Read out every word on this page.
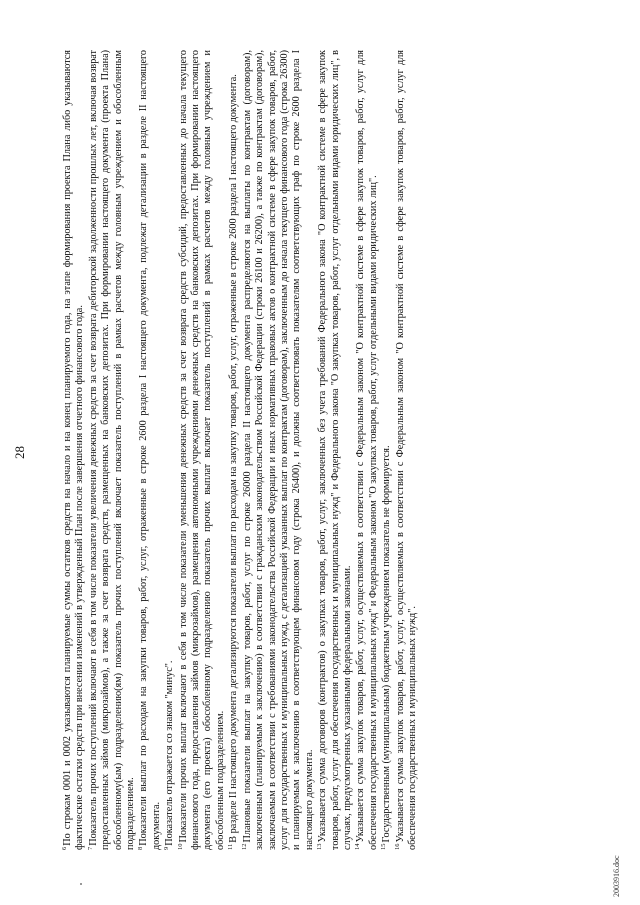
28

$^6$По строкам 0001 и 0002 указываются планируемые суммы остатков средств на начало и на конец планируемого года, на этапе формирования проекта Плана либо указываются фактические остатки средств при внесении изменений в утвержденный План после завершения отчетного финансового года. $^7$Показатель прочих поступлений включают в себя в том числе показатели увеличения денежных средств за счет возврата дебиторской задолженности прошлых лет, включая возврат предоставленных займов (микрозаймов), а также за счет возврата средств, размещенных на банковских депозитах. При формировании настоящего документа (проекта Плана) обособленному(ым) подразделению(ям) показатель прочих поступлений включает показатель поступлений в рамках расчетов между головным учреждением и обособленным подразделением. $^8$Показатели выплат по расходам на закупки товаров, работ, услуг, отраженные в строке 2600 раздела I настоящего документа, подлежат детализации в разделе II настоящего документа. $^9$Показатель отражается со знаком "минус".

$^{10}$Показатели прочих выплат включают в себя в том числе показатели уменьшения денежных средств за счет возврата средств субсидий, предоставленных до начала текущего финансового года, предоставления займов (микрозаймов), размещения автономными учреждениями денежных средств на банковских депозитах. При формировании настоящего документа (его проекта) обособленному подразделению показатель прочих выплат включает показатель поступлений в рамках расчетов между головным учреждением и обособленным подразделением. $^{11}$В разделе II настоящего документа детализируются показатели выплат по расходам на закупку товаров, работ, услуг, отраженные в строке 2600 раздела I настоящего документа.

$^{12}$Плановые показатели выплат на закупку товаров, работ, услуг по строке 26000 раздела II настоящего документа распределяются на выплаты по контрактам (договорам), заключенным (планируемым к заключению) в соответствии с гражданским законодательством Российской Федерации (строки 26100 и 26200), а также по контрактам (договорам), заключаемым в соответствии с требованиями законодательства Российской Федерации и иных нормативных правовых актов о контрактной системе в сфере закупок товаров, работ, услуг для государственных и муниципальных нужд, с детализацией указанных выплат по контрактам (договорам), заключенным до начала текущего финансового года (строка 26300) и планируемым к заключению в соответствующем финансовом году (строка 26400), и должны соответствовать показателям соответствующих граф по строке 2600 раздела I настоящего документа. $^{13}$Указывается сумма договоров (контрактов) о закупках товаров, работ, услуг, заключенных без учета требований Федерального закона "О контрактной системе в сфере закупок товаров, работ, услуг для обеспечения государственных и муниципальных нужд" и Федерального закона "О закупках товаров, работ, услуг отдельными видами юридических лиц", в случаях, предусмотренных указанными федеральными законами. $^{14}$Указывается сумма закупок товаров, работ, услуг, осуществляемых в соответствии с Федеральным законом "О контрактной системе в сфере закупок товаров, работ, услуг для обеспечения государственных и муниципальных нужд" и Федеральным законом "О закупках товаров, работ, услуг отдельными видами юридических лиц". $^{15}$Государственным (муниципальным) бюджетным учреждением показатель не формируется.

$^{16}$Указывается сумма закупок товаров, работ, услуг, осуществляемых в соответствии с Федеральным законом "О контрактной системе в сфере закупок товаров, работ, услуг для обеспечения государственных и муниципальных нужд".

2003916.doc
